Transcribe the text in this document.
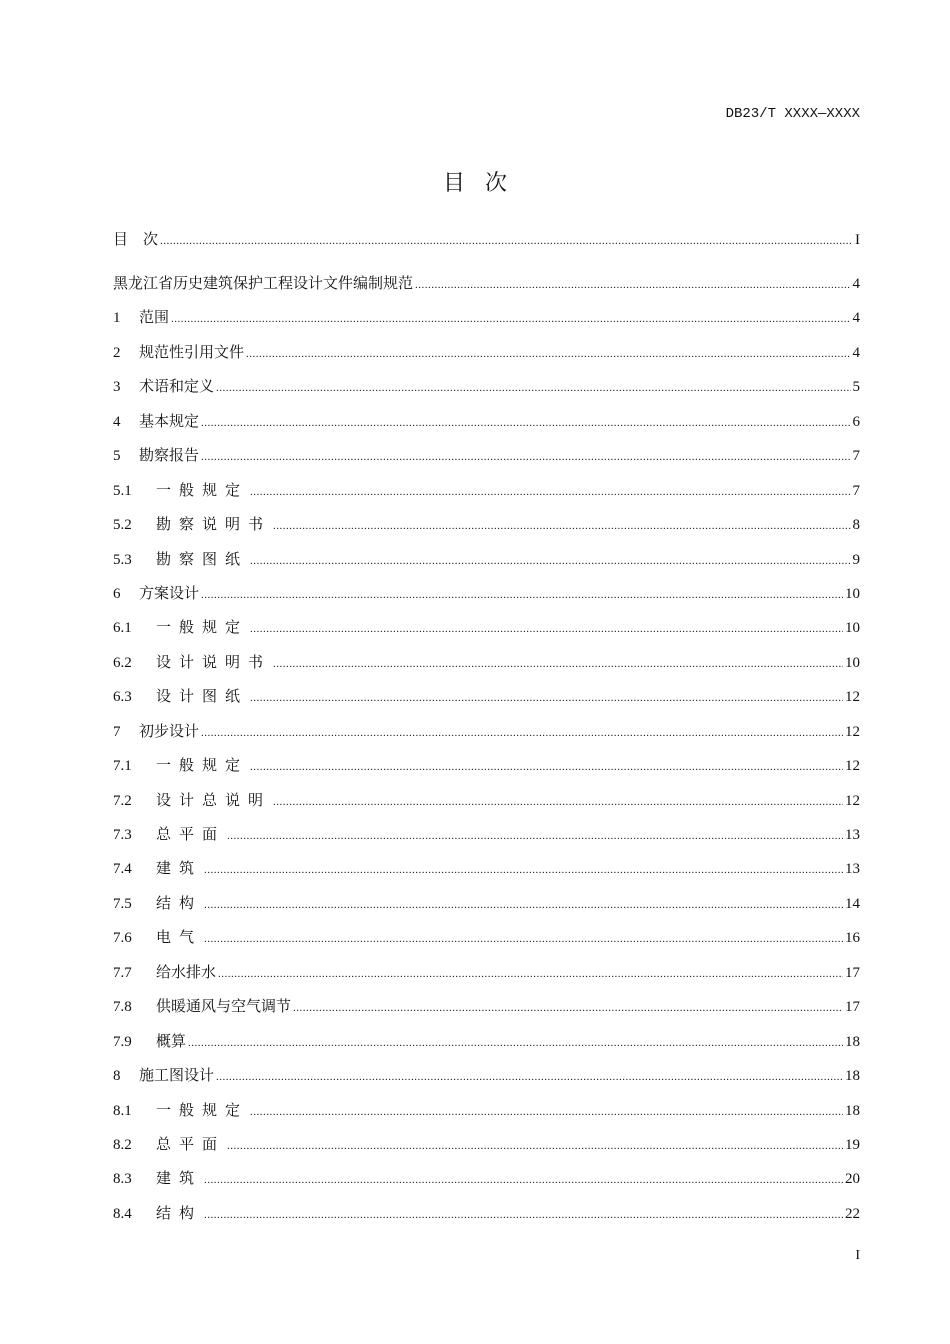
DB23/T XXXX—XXXX
目次
目　次 .....	I
黑龙江省历史建筑保护工程设计文件编制规范 .....	4
1	范围 .....	4
2	规范性引用文件 .....	4
3	术语和定义 .....	5
4	基本规定 .....	6
5	勘察报告 .....	7
5.1	一般规定 .....	7
5.2	勘察说明书 .....	8
5.3	勘察图纸 .....	9
6	方案设计 .....	10
6.1	一般规定 .....	10
6.2	设计说明书 .....	10
6.3	设计图纸 .....	12
7	初步设计 .....	12
7.1	一般规定 .....	12
7.2	设计总说明 .....	12
7.3	总平面 .....	13
7.4	建筑 .....	13
7.5	结构 .....	14
7.6	电气 .....	16
7.7	给水排水 .....	17
7.8	供暖通风与空气调节 .....	17
7.9	概算 .....	18
8	施工图设计 .....	18
8.1	一般规定 .....	18
8.2	总平面 .....	19
8.3	建筑 .....	20
8.4	结构 .....	22
I
